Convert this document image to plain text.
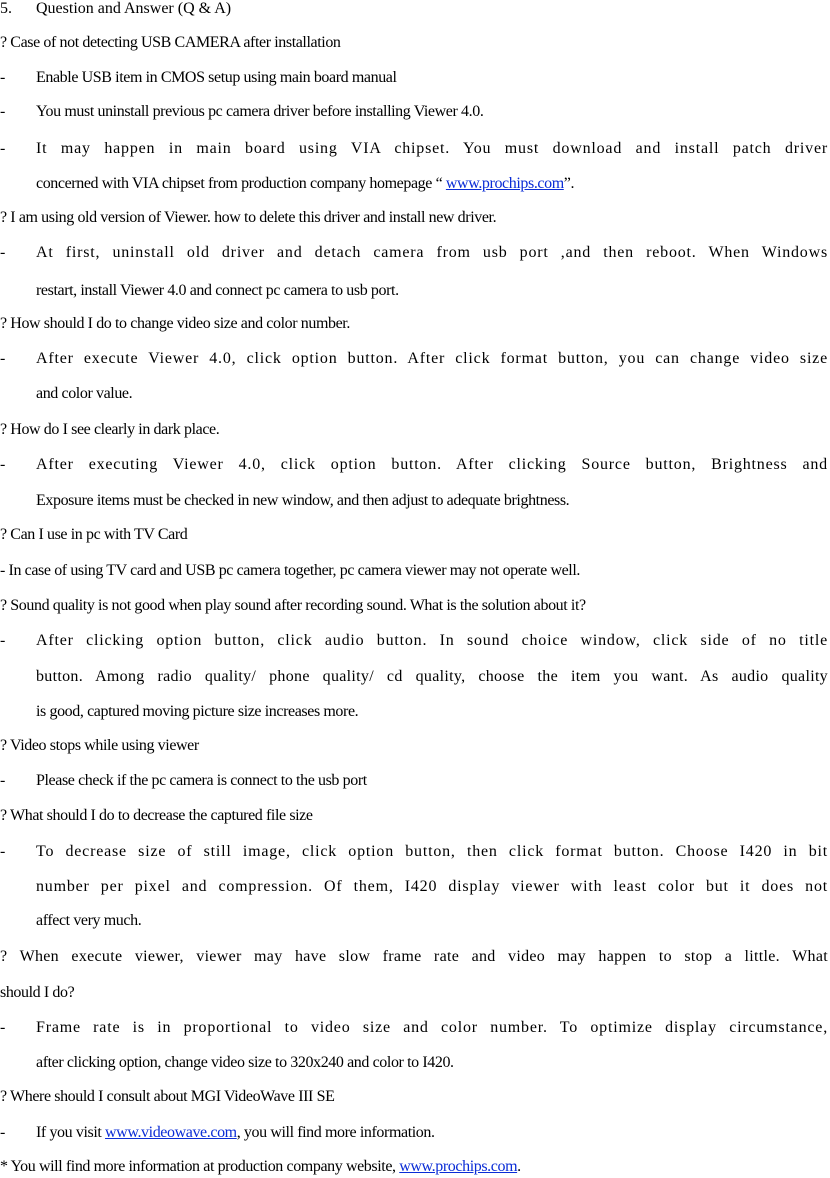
5. Question and Answer (Q & A)
? Case of not detecting USB CAMERA after installation
- Enable USB item in CMOS setup using main board manual
- You must uninstall previous pc camera driver before installing Viewer 4.0.
- It may happen in main board using VIA chipset. You must download and install patch driver
concerned with VIA chipset from production company homepage “ www.prochips.com”.
? I am using old version of Viewer. how to delete this driver and install new driver.
- At first, uninstall old driver and detach camera from usb port ,and then reboot. When Windows
restart, install Viewer 4.0 and connect pc camera to usb port.
? How should I do to change video size and color number.
- After execute Viewer 4.0, click option button. After click format button, you can change video size
and color value.
? How do I see clearly in dark place.
- After executing Viewer 4.0, click option button. After clicking Source button, Brightness and
Exposure items must be checked in new window, and then adjust to adequate brightness.
? Can I use in pc with TV Card
- In case of using TV card and USB pc camera together, pc camera viewer may not operate well.
? Sound quality is not good when play sound after recording sound. What is the solution about it?
- After clicking option button, click audio button. In sound choice window, click side of no title
button. Among radio quality/ phone quality/ cd quality, choose the item you want. As audio quality
is good, captured moving picture size increases more.
? Video stops while using viewer
- Please check if the pc camera is connect to the usb port
? What should I do to decrease the captured file size
- To decrease size of still image, click option button, then click format button. Choose I420 in bit
number per pixel and compression. Of them, I420 display viewer with least color but it does not
affect very much.
? When execute viewer, viewer may have slow frame rate and video may happen to stop a little. What
should I do?
- Frame rate is in proportional to video size and color number. To optimize display circumstance,
after clicking option, change video size to 320x240 and color to I420.
? Where should I consult about MGI VideoWave III SE
- If you visit www.videowave.com, you will find more information.
* You will find more information at production company website, www.prochips.com.
